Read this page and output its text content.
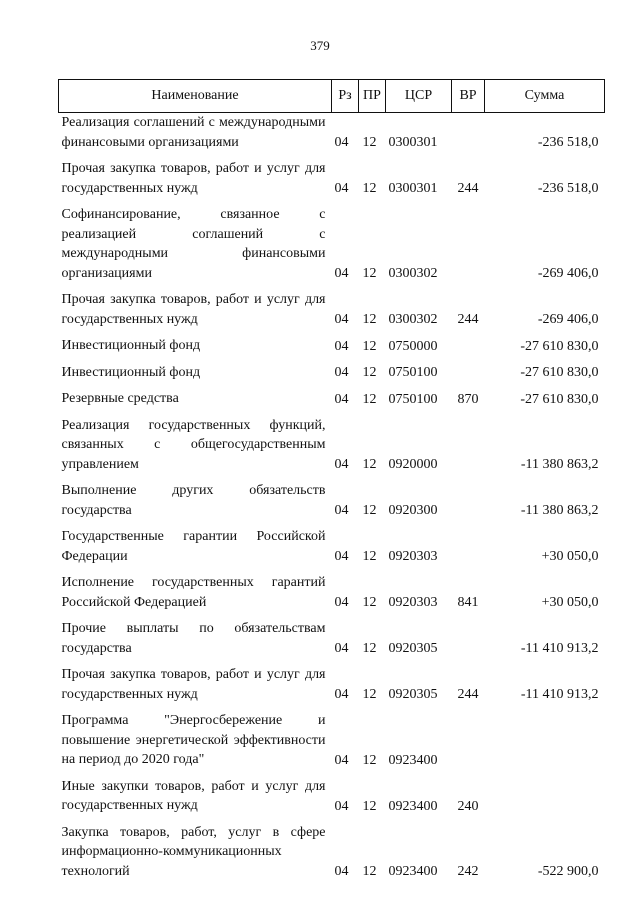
379
Наименование	Рз	ПР	ЦСР	ВР	Сумма
Реализация соглашений с международными финансовыми организациями	04	12	0300301		-236 518,0
Прочая закупка товаров, работ и услуг для государственных нужд	04	12	0300301	244	-236 518,0
Софинансирование, связанное с реализацией соглашений с международными финансовыми организациями	04	12	0300302		-269 406,0
Прочая закупка товаров, работ и услуг для государственных нужд	04	12	0300302	244	-269 406,0
Инвестиционный фонд	04	12	0750000		-27 610 830,0
Инвестиционный фонд	04	12	0750100		-27 610 830,0
Резервные средства	04	12	0750100	870	-27 610 830,0
Реализация государственных функций, связанных с общегосударственным управлением	04	12	0920000		-11 380 863,2
Выполнение других обязательств государства	04	12	0920300		-11 380 863,2
Государственные гарантии Российской Федерации	04	12	0920303		+30 050,0
Исполнение государственных гарантий Российской Федерацией	04	12	0920303	841	+30 050,0
Прочие выплаты по обязательствам государства	04	12	0920305		-11 410 913,2
Прочая закупка товаров, работ и услуг для государственных нужд	04	12	0920305	244	-11 410 913,2
Программа "Энергосбережение и повышение энергетической эффективности на период до 2020 года"	04	12	0923400		
Иные закупки товаров, работ и услуг для государственных нужд	04	12	0923400	240	
Закупка товаров, работ, услуг в сфере информационно-коммуникационных технологий	04	12	0923400	242	-522 900,0
